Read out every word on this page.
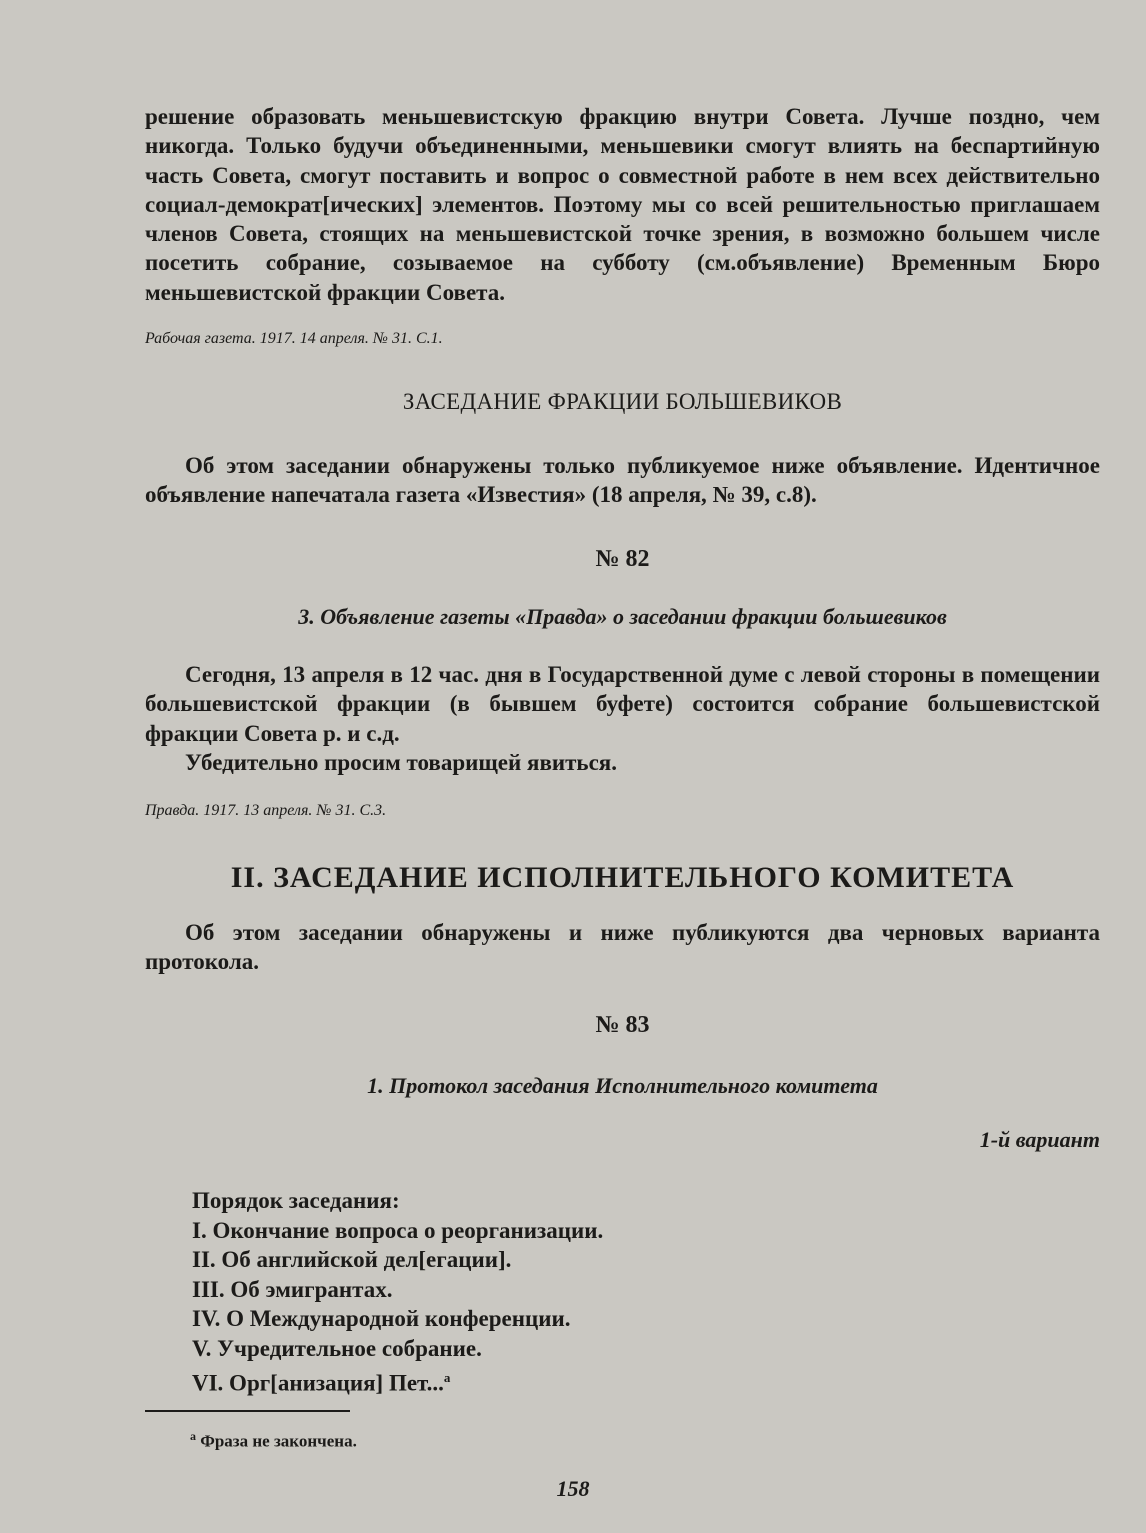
решение образовать меньшевистскую фракцию внутри Совета. Лучше поздно, чем никогда. Только будучи объединенными, меньшевики смогут влиять на беспартийную часть Совета, смогут поставить и вопрос о совместной работе в нем всех действительно социал-демократ[ических] элементов. Поэтому мы со всей решительностью приглашаем членов Совета, стоящих на меньшевистской точке зрения, в возможно большем числе посетить собрание, созываемое на субботу (см.объявление) Временным Бюро меньшевистской фракции Совета.

Рабочая газета. 1917. 14 апреля. № 31. С.1.

ЗАСЕДАНИЕ ФРАКЦИИ БОЛЬШЕВИКОВ

Об этом заседании обнаружены только публикуемое ниже объявление. Идентичное объявление напечатала газета «Известия» (18 апреля, № 39, с.8).

№ 82

3. Объявление газеты «Правда» о заседании фракции большевиков

Сегодня, 13 апреля в 12 час. дня в Государственной думе с левой стороны в помещении большевистской фракции (в бывшем буфете) состоится собрание большевистской фракции Совета р. и с.д.

Убедительно просим товарищей явиться.

Правда. 1917. 13 апреля. № 31. С.3.

II. ЗАСЕДАНИЕ ИСПОЛНИТЕЛЬНОГО КОМИТЕТА

Об этом заседании обнаружены и ниже публикуются два черновых варианта протокола.

№ 83

1. Протокол заседания Исполнительного комитета

1-й вариант

Порядок заседания:

I. Окончание вопроса о реорганизации.
II. Об английской дел[егации].
III. Об эмигрантах.
IV. О Международной конференции.
V. Учредительное собрание.
VI. Орг[анизация] Пет...$^а$
$^а$ Фраза не закончена.
158
